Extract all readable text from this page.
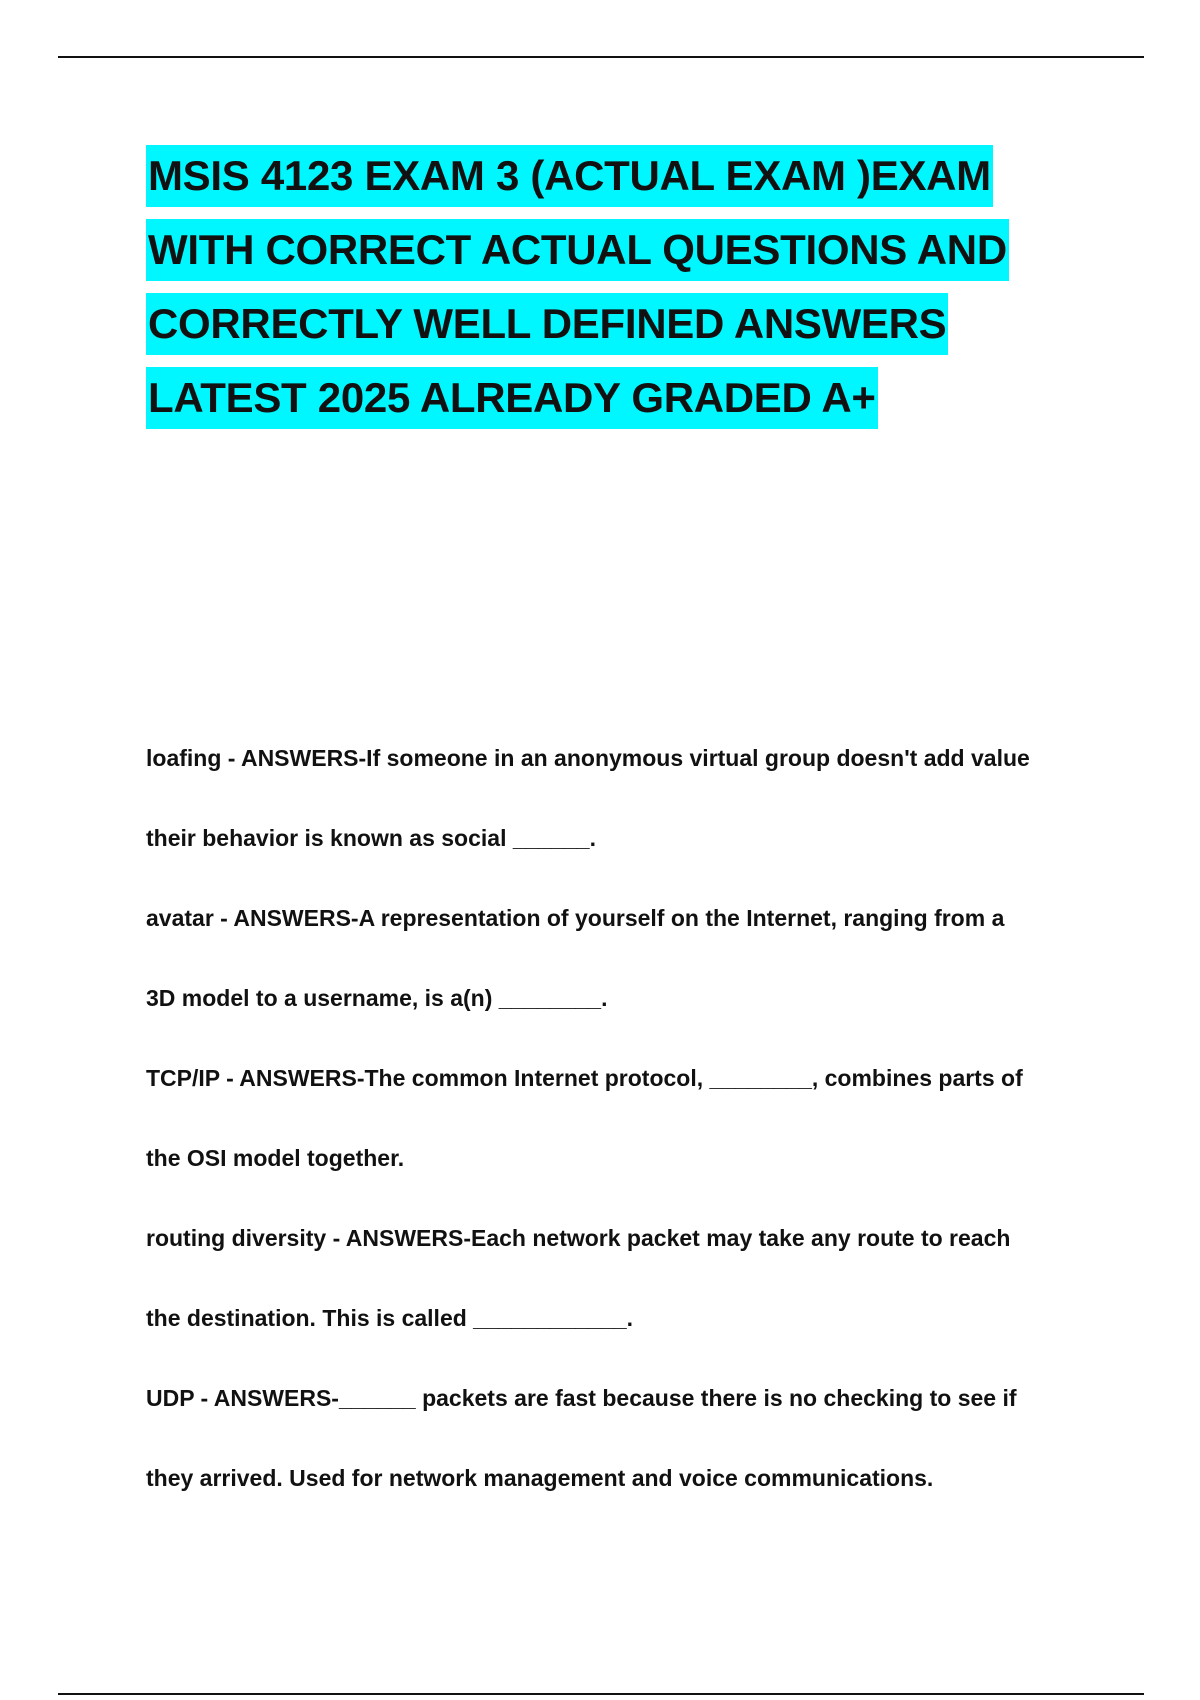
MSIS 4123 EXAM 3 (ACTUAL EXAM )EXAM
WITH CORRECT ACTUAL QUESTIONS AND
CORRECTLY WELL DEFINED ANSWERS
LATEST 2025 ALREADY GRADED A+

loafing - ANSWERS-If someone in an anonymous virtual group doesn't add value

their behavior is known as social ______.

avatar - ANSWERS-A representation of yourself on the Internet, ranging from a

3D model to a username, is a(n) ________.

TCP/IP - ANSWERS-The common Internet protocol, ________, combines parts of

the OSI model together.

routing diversity - ANSWERS-Each network packet may take any route to reach

the destination. This is called ____________.

UDP - ANSWERS-______ packets are fast because there is no checking to see if

they arrived. Used for network management and voice communications.
